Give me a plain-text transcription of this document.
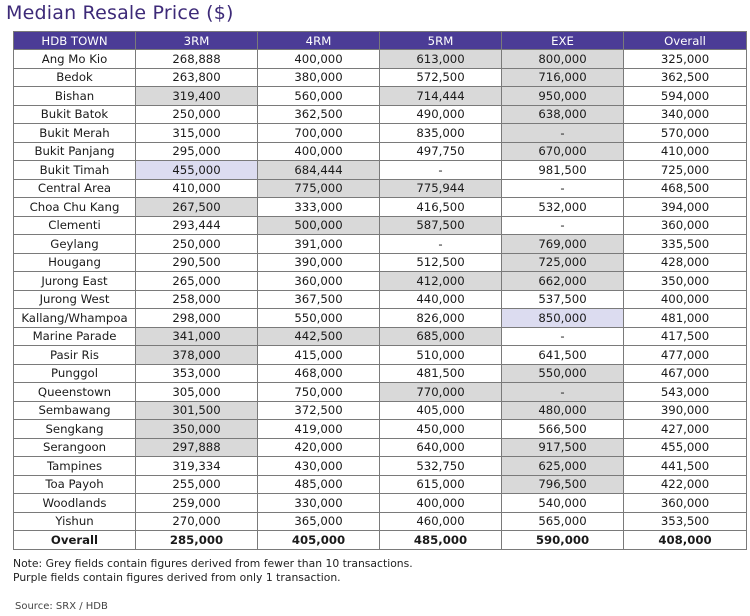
Median Resale Price ($)
HDB TOWN	3RM	4RM	5RM	EXE	Overall
Ang Mo Kio	268,888	400,000	613,000	800,000	325,000
Bedok	263,800	380,000	572,500	716,000	362,500
Bishan	319,400	560,000	714,444	950,000	594,000
Bukit Batok	250,000	362,500	490,000	638,000	340,000
Bukit Merah	315,000	700,000	835,000	-	570,000
Bukit Panjang	295,000	400,000	497,750	670,000	410,000
Bukit Timah	455,000	684,444	-	981,500	725,000
Central Area	410,000	775,000	775,944	-	468,500
Choa Chu Kang	267,500	333,000	416,500	532,000	394,000
Clementi	293,444	500,000	587,500	-	360,000
Geylang	250,000	391,000	-	769,000	335,500
Hougang	290,500	390,000	512,500	725,000	428,000
Jurong East	265,000	360,000	412,000	662,000	350,000
Jurong West	258,000	367,500	440,000	537,500	400,000
Kallang/Whampoa	298,000	550,000	826,000	850,000	481,000
Marine Parade	341,000	442,500	685,000	-	417,500
Pasir Ris	378,000	415,000	510,000	641,500	477,000
Punggol	353,000	468,000	481,500	550,000	467,000
Queenstown	305,000	750,000	770,000	-	543,000
Sembawang	301,500	372,500	405,000	480,000	390,000
Sengkang	350,000	419,000	450,000	566,500	427,000
Serangoon	297,888	420,000	640,000	917,500	455,000
Tampines	319,334	430,000	532,750	625,000	441,500
Toa Payoh	255,000	485,000	615,000	796,500	422,000
Woodlands	259,000	330,000	400,000	540,000	360,000
Yishun	270,000	365,000	460,000	565,000	353,500
Overall	285,000	405,000	485,000	590,000	408,000
Note: Grey fields contain figures derived from fewer than 10 transactions.
Purple fields contain figures derived from only 1 transaction.
Source: SRX / HDB
